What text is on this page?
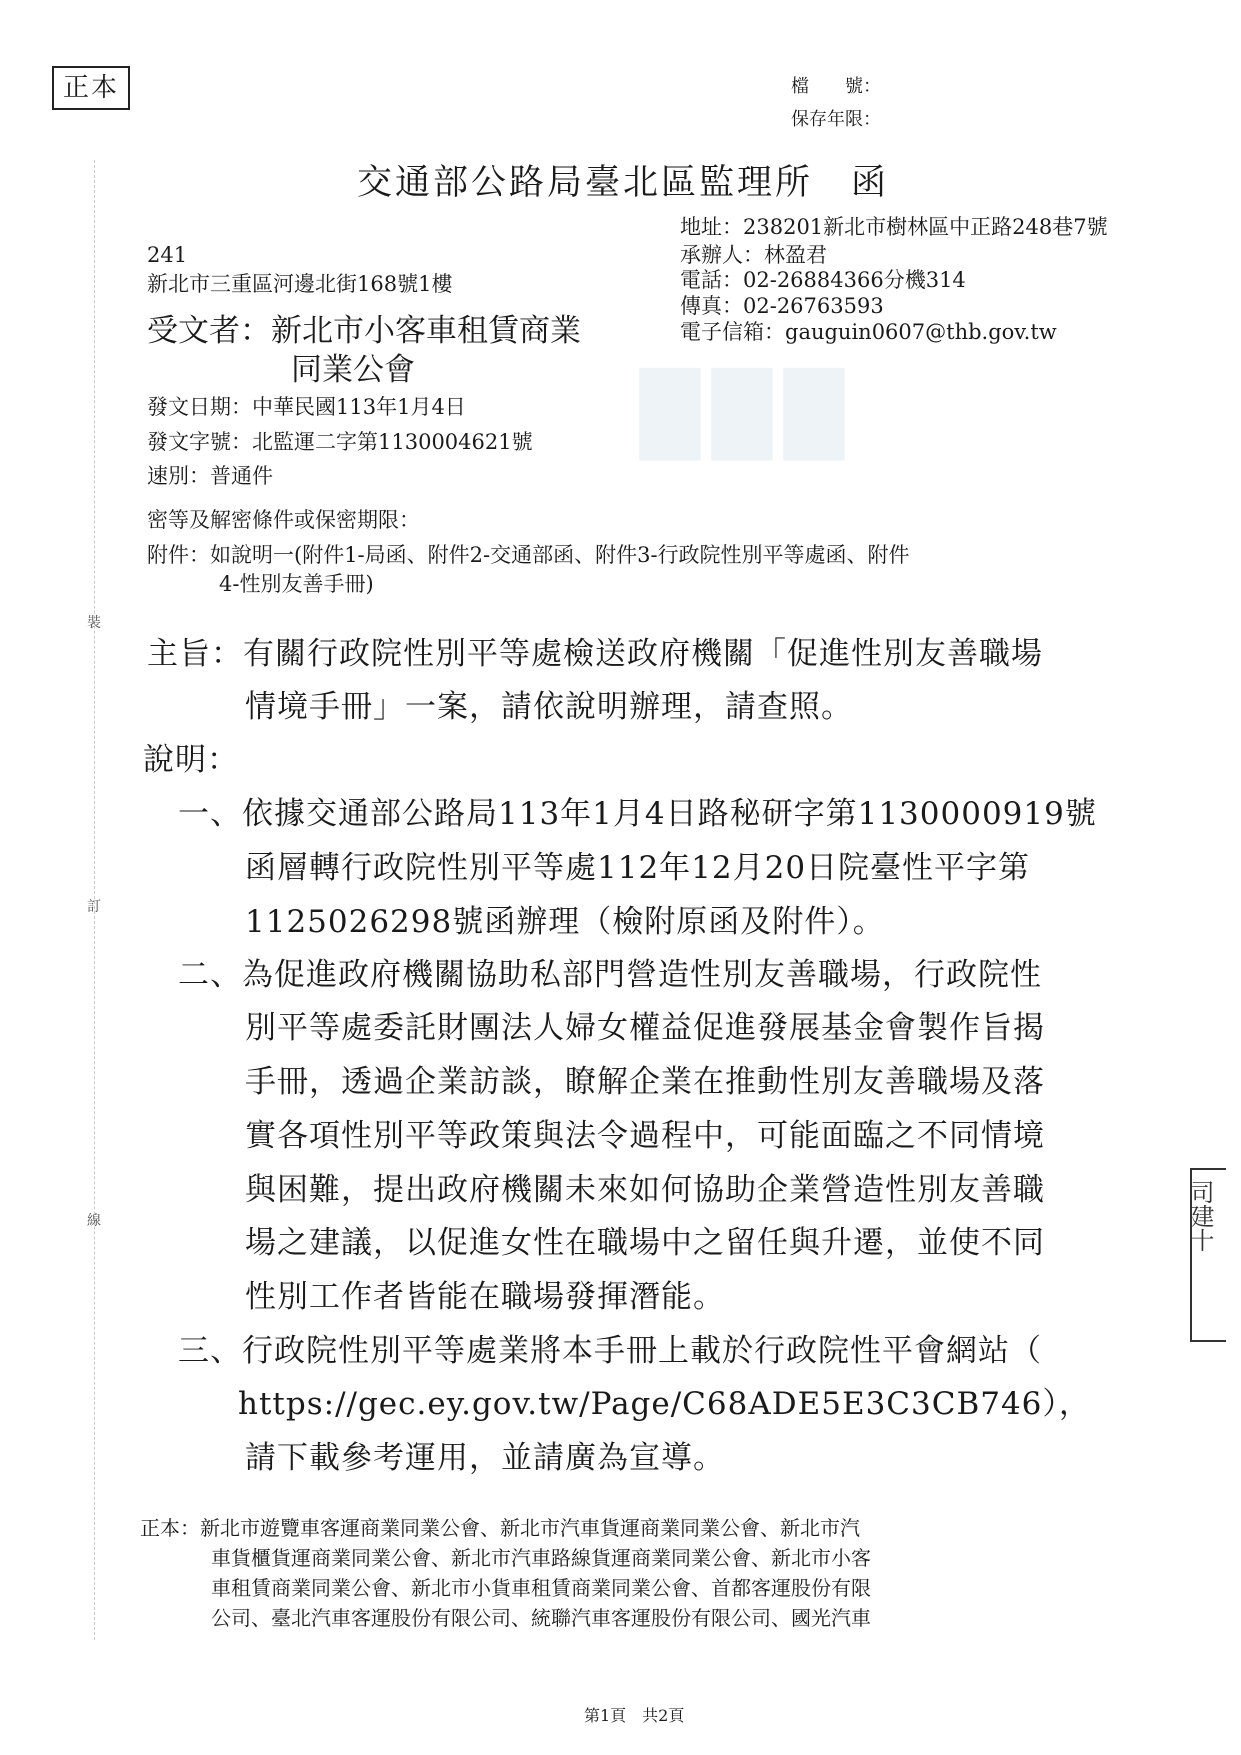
裝
訂
線
███
正本	檔　　號：
保存年限：
交通部公路局臺北區監理所　函
地址：238201新北市樹林區中正路248巷7號
承辦人：林盈君
電話：02-26884366分機314
傳真：02-26763593
電子信箱：gauguin0607@thb.gov.tw
241
新北市三重區河邊北街168號1樓
受文者：新北市小客車租賃商業
同業公會
發文日期：中華民國113年1月4日
發文字號：北監運二字第1130004621號
速別：普通件
密等及解密條件或保密期限：
附件：如說明一(附件1-局函、附件2-交通部函、附件3-行政院性別平等處函、附件
4-性別友善手冊)
主旨：有關行政院性別平等處檢送政府機關「促進性別友善職場
情境手冊」一案，請依說明辦理，請查照。
說明：
一、依據交通部公路局113年1月4日路秘研字第1130000919號
函層轉行政院性別平等處112年12月20日院臺性平字第
1125026298號函辦理（檢附原函及附件）。
二、為促進政府機關協助私部門營造性別友善職場，行政院性
別平等處委託財團法人婦女權益促進發展基金會製作旨揭
手冊，透過企業訪談，瞭解企業在推動性別友善職場及落
實各項性別平等政策與法令過程中，可能面臨之不同情境
與困難，提出政府機關未來如何協助企業營造性別友善職
場之建議，以促進女性在職場中之留任與升遷，並使不同
性別工作者皆能在職場發揮潛能。
三、行政院性別平等處業將本手冊上載於行政院性平會網站（
https://gec.ey.gov.tw/Page/C68ADE5E3C3CB746），
請下載參考運用，並請廣為宣導。
正本：新北市遊覽車客運商業同業公會、新北市汽車貨運商業同業公會、新北市汽
車貨櫃貨運商業同業公會、新北市汽車路線貨運商業同業公會、新北市小客
車租賃商業同業公會、新北市小貨車租賃商業同業公會、首都客運股份有限
公司、臺北汽車客運股份有限公司、統聯汽車客運股份有限公司、國光汽車
司建十
第1頁　共2頁
